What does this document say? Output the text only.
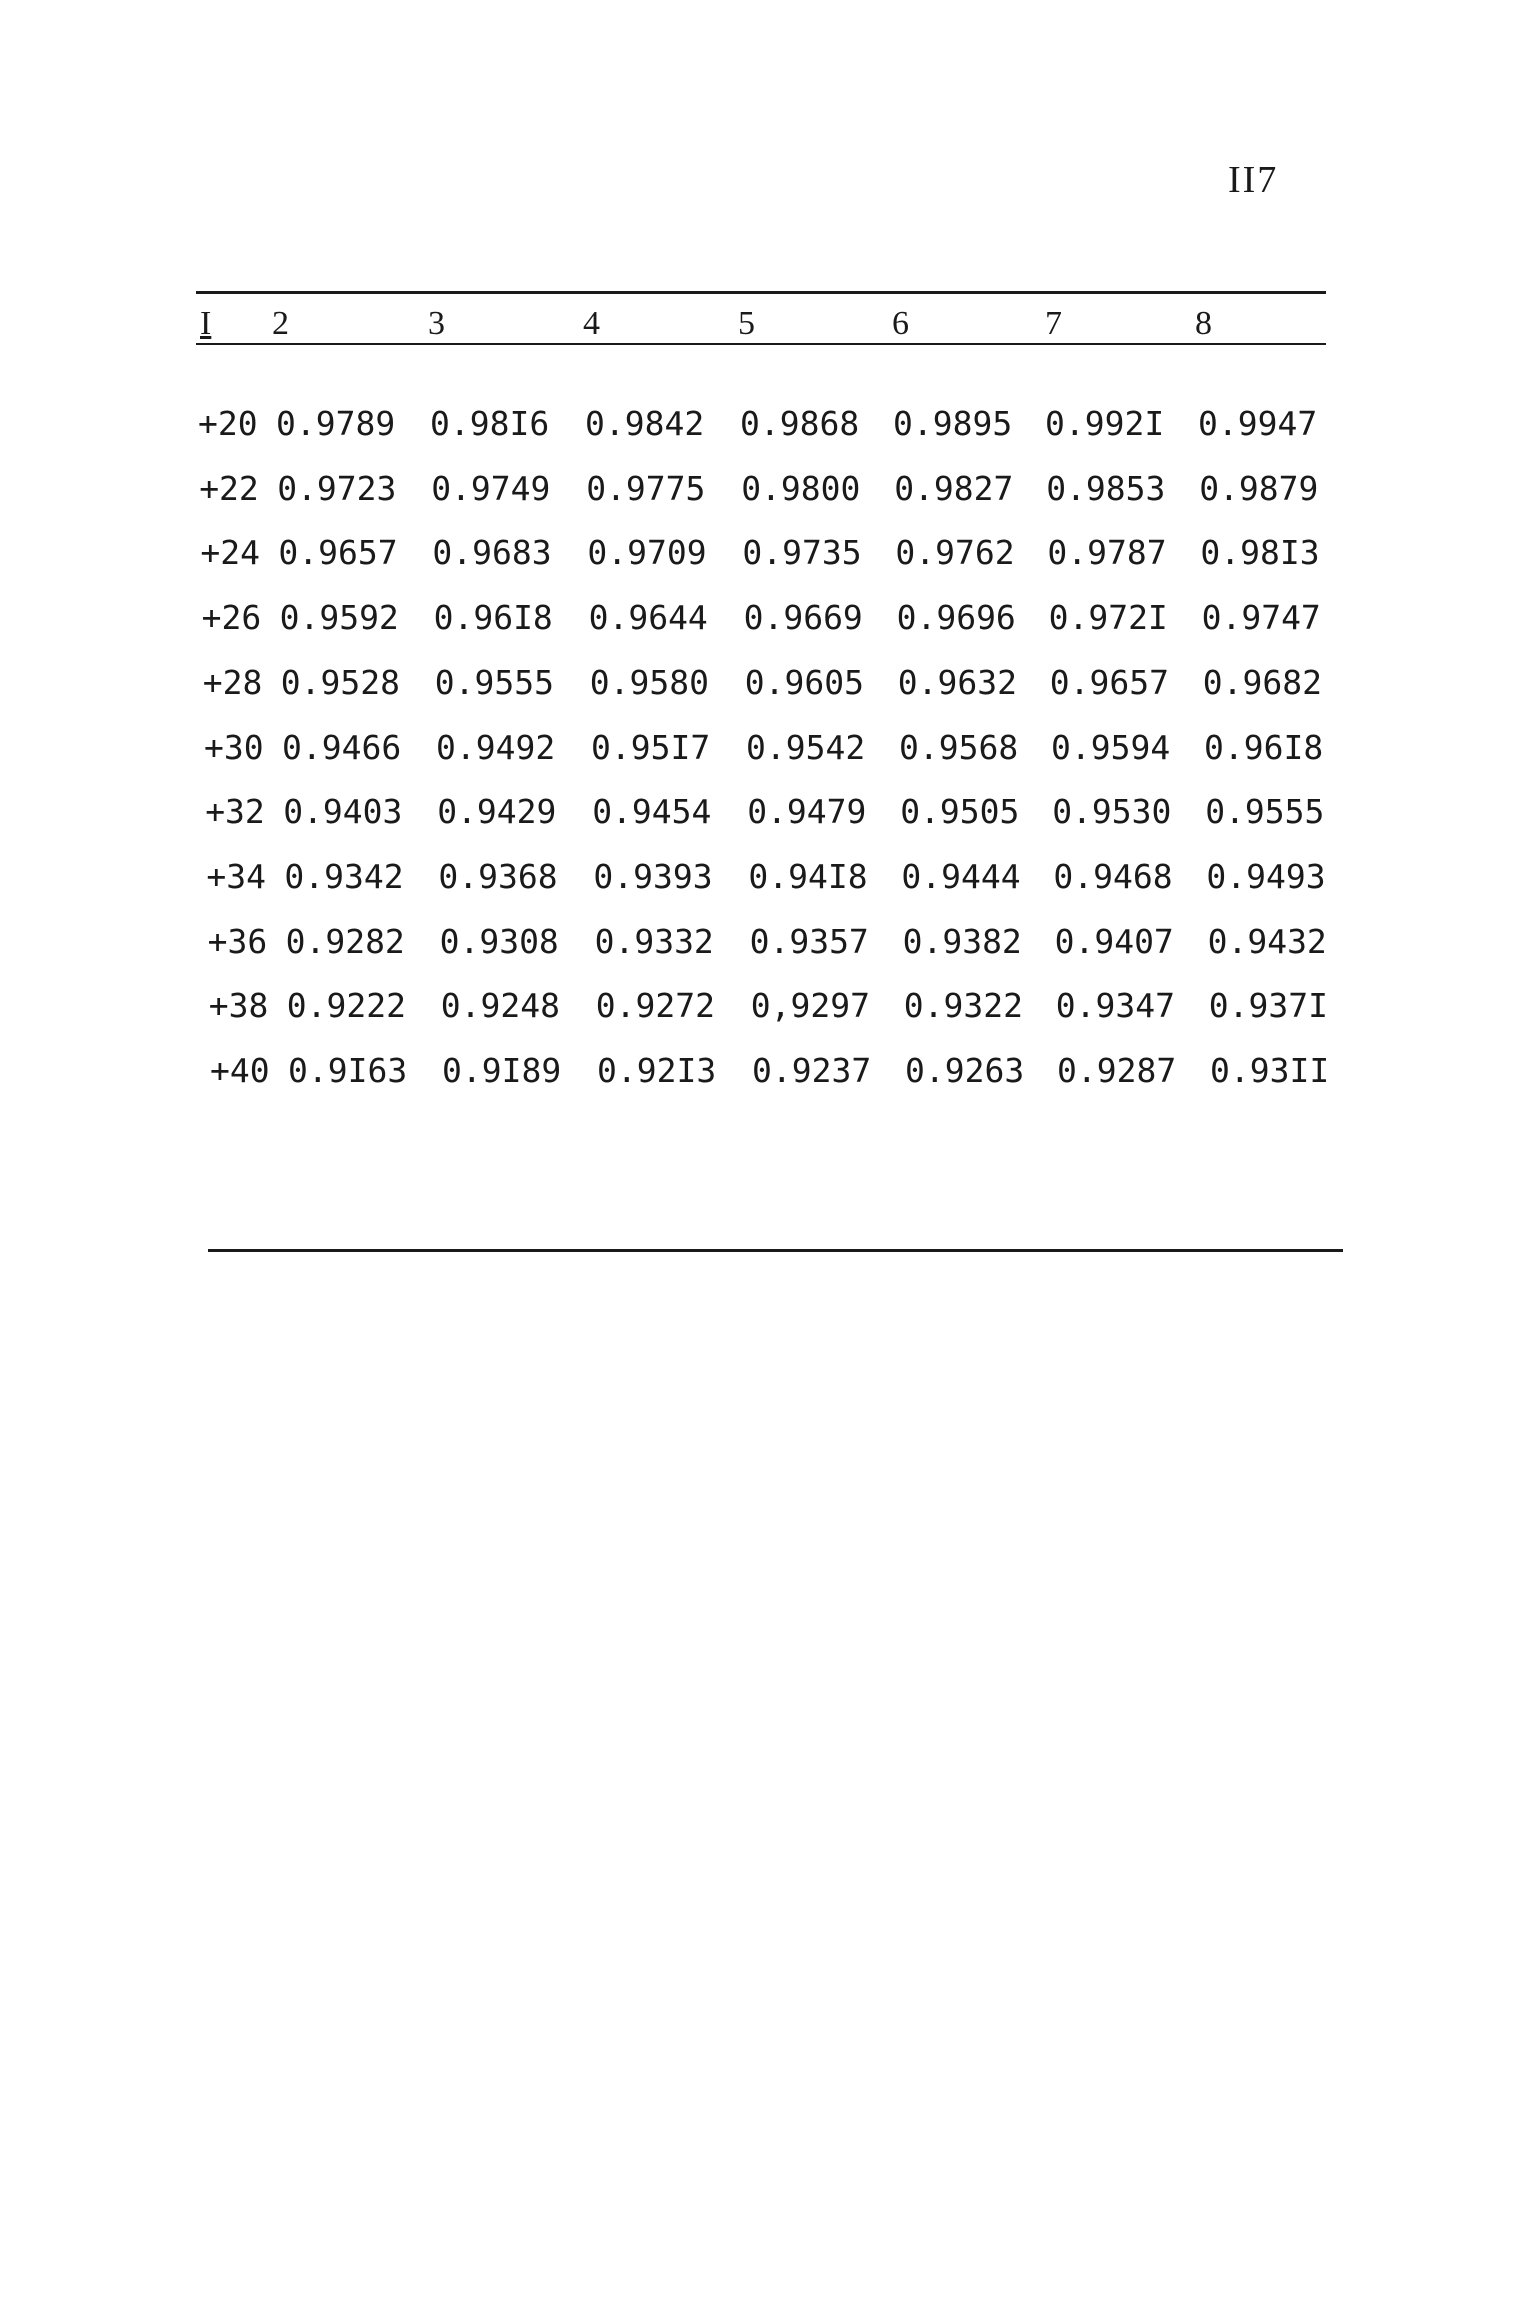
II7
I 2	3	4	5	6	7	8
+20 0.9789 0.98I6 0.9842 0.9868 0.9895 0.992I 0.9947
+22 0.9723 0.9749 0.9775 0.9800 0.9827 0.9853 0.9879
+24 0.9657 0.9683 0.9709 0.9735 0.9762 0.9787 0.98I3
+26 0.9592 0.96I8 0.9644 0.9669 0.9696 0.972I 0.9747
+28 0.9528 0.9555 0.9580 0.9605 0.9632 0.9657 0.9682
+30 0.9466 0.9492 0.95I7 0.9542 0.9568 0.9594 0.96I8
+32 0.9403 0.9429 0.9454 0.9479 0.9505 0.9530 0.9555
+34 0.9342 0.9368 0.9393 0.94I8 0.9444 0.9468 0.9493
+36 0.9282 0.9308 0.9332 0.9357 0.9382 0.9407 0.9432
+38 0.9222 0.9248 0.9272 0,9297 0.9322 0.9347 0.937I
+40 0.9I63 0.9I89 0.92I3 0.9237 0.9263 0.9287 0.93II
